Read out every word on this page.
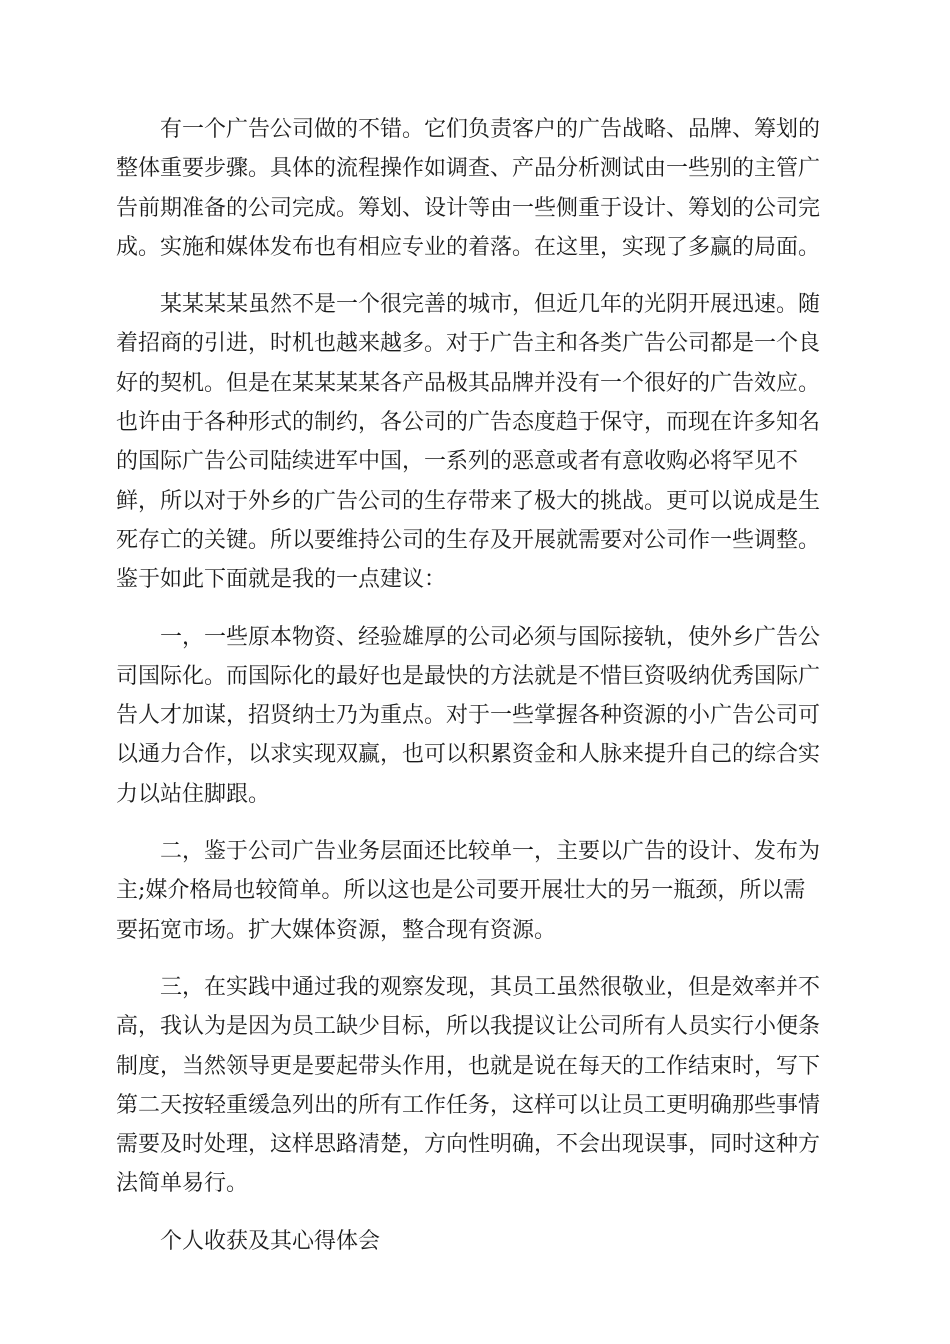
有一个广告公司做的不错。它们负责客户的广告战略、品牌、筹划的
整体重要步骤。具体的流程操作如调查、产品分析测试由一些别的主管广
告前期准备的公司完成。筹划、设计等由一些侧重于设计、筹划的公司完
成。实施和媒体发布也有相应专业的着落。在这里，实现了多赢的局面。

某某某某虽然不是一个很完善的城市，但近几年的光阴开展迅速。随
着招商的引进，时机也越来越多。对于广告主和各类广告公司都是一个良
好的契机。但是在某某某某各产品极其品牌并没有一个很好的广告效应。
也许由于各种形式的制约，各公司的广告态度趋于保守，而现在许多知名
的国际广告公司陆续进军中国，一系列的恶意或者有意收购必将罕见不
鲜，所以对于外乡的广告公司的生存带来了极大的挑战。更可以说成是生
死存亡的关键。所以要维持公司的生存及开展就需要对公司作一些调整。
鉴于如此下面就是我的一点建议：

一，一些原本物资、经验雄厚的公司必须与国际接轨，使外乡广告公
司国际化。而国际化的最好也是最快的方法就是不惜巨资吸纳优秀国际广
告人才加谋，招贤纳士乃为重点。对于一些掌握各种资源的小广告公司可
以通力合作，以求实现双赢，也可以积累资金和人脉来提升自己的综合实
力以站住脚跟。

二，鉴于公司广告业务层面还比较单一，主要以广告的设计、发布为
主;媒介格局也较简单。所以这也是公司要开展壮大的另一瓶颈，所以需
要拓宽市场。扩大媒体资源，整合现有资源。

三，在实践中通过我的观察发现，其员工虽然很敬业，但是效率并不
高，我认为是因为员工缺少目标，所以我提议让公司所有人员实行小便条
制度，当然领导更是要起带头作用，也就是说在每天的工作结束时，写下
第二天按轻重缓急列出的所有工作任务，这样可以让员工更明确那些事情
需要及时处理，这样思路清楚，方向性明确，不会出现误事，同时这种方
法简单易行。

个人收获及其心得体会
